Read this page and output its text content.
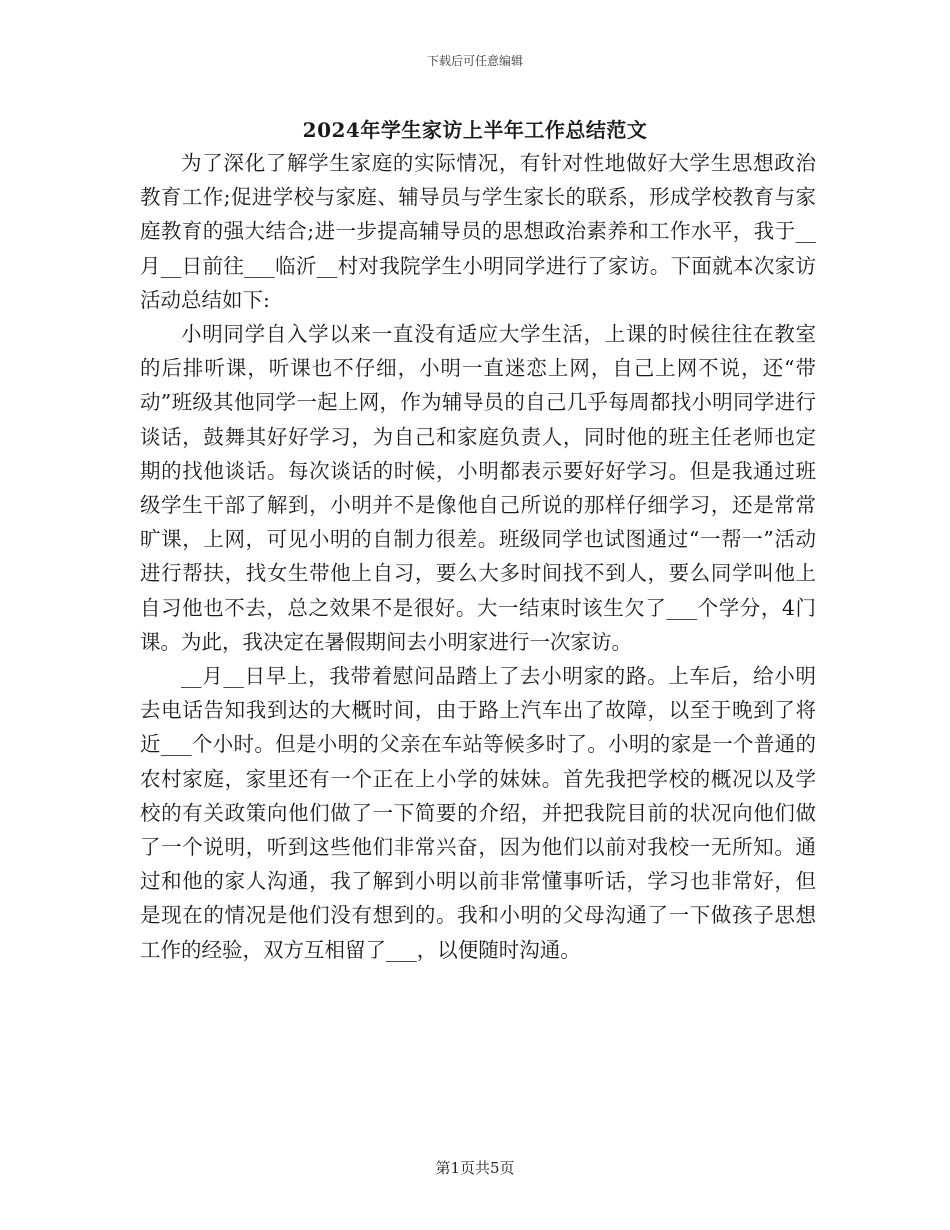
下载后可任意编辑
2024年学生家访上半年工作总结范文

为了深化了解学生家庭的实际情况，有针对性地做好大学生思想政治教育工作;促进学校与家庭、辅导员与学生家长的联系，形成学校教育与家庭教育的强大结合;进一步提高辅导员的思想政治素养和工作水平，我于__月__日前往___临沂__村对我院学生小明同学进行了家访。下面就本次家访活动总结如下:

小明同学自入学以来一直没有适应大学生活，上课的时候往往在教室的后排听课，听课也不仔细，小明一直迷恋上网，自己上网不说，还“带动”班级其他同学一起上网，作为辅导员的自己几乎每周都找小明同学进行谈话，鼓舞其好好学习，为自己和家庭负责人，同时他的班主任老师也定期的找他谈话。每次谈话的时候，小明都表示要好好学习。但是我通过班级学生干部了解到，小明并不是像他自己所说的那样仔细学习，还是常常旷课，上网，可见小明的自制力很差。班级同学也试图通过“一帮一”活动进行帮扶，找女生带他上自习，要么大多时间找不到人，要么同学叫他上自习他也不去，总之效果不是很好。大一结束时该生欠了___个学分，4门课。为此，我决定在暑假期间去小明家进行一次家访。

__月__日早上，我带着慰问品踏上了去小明家的路。上车后，给小明去电话告知我到达的大概时间，由于路上汽车出了故障，以至于晚到了将近___个小时。但是小明的父亲在车站等候多时了。小明的家是一个普通的农村家庭，家里还有一个正在上小学的妹妹。首先我把学校的概况以及学校的有关政策向他们做了一下简要的介绍，并把我院目前的状况向他们做了一个说明，听到这些他们非常兴奋，因为他们以前对我校一无所知。通过和他的家人沟通，我了解到小明以前非常懂事听话，学习也非常好，但是现在的情况是他们没有想到的。我和小明的父母沟通了一下做孩子思想工作的经验，双方互相留了___，以便随时沟通。

第1页共5页
